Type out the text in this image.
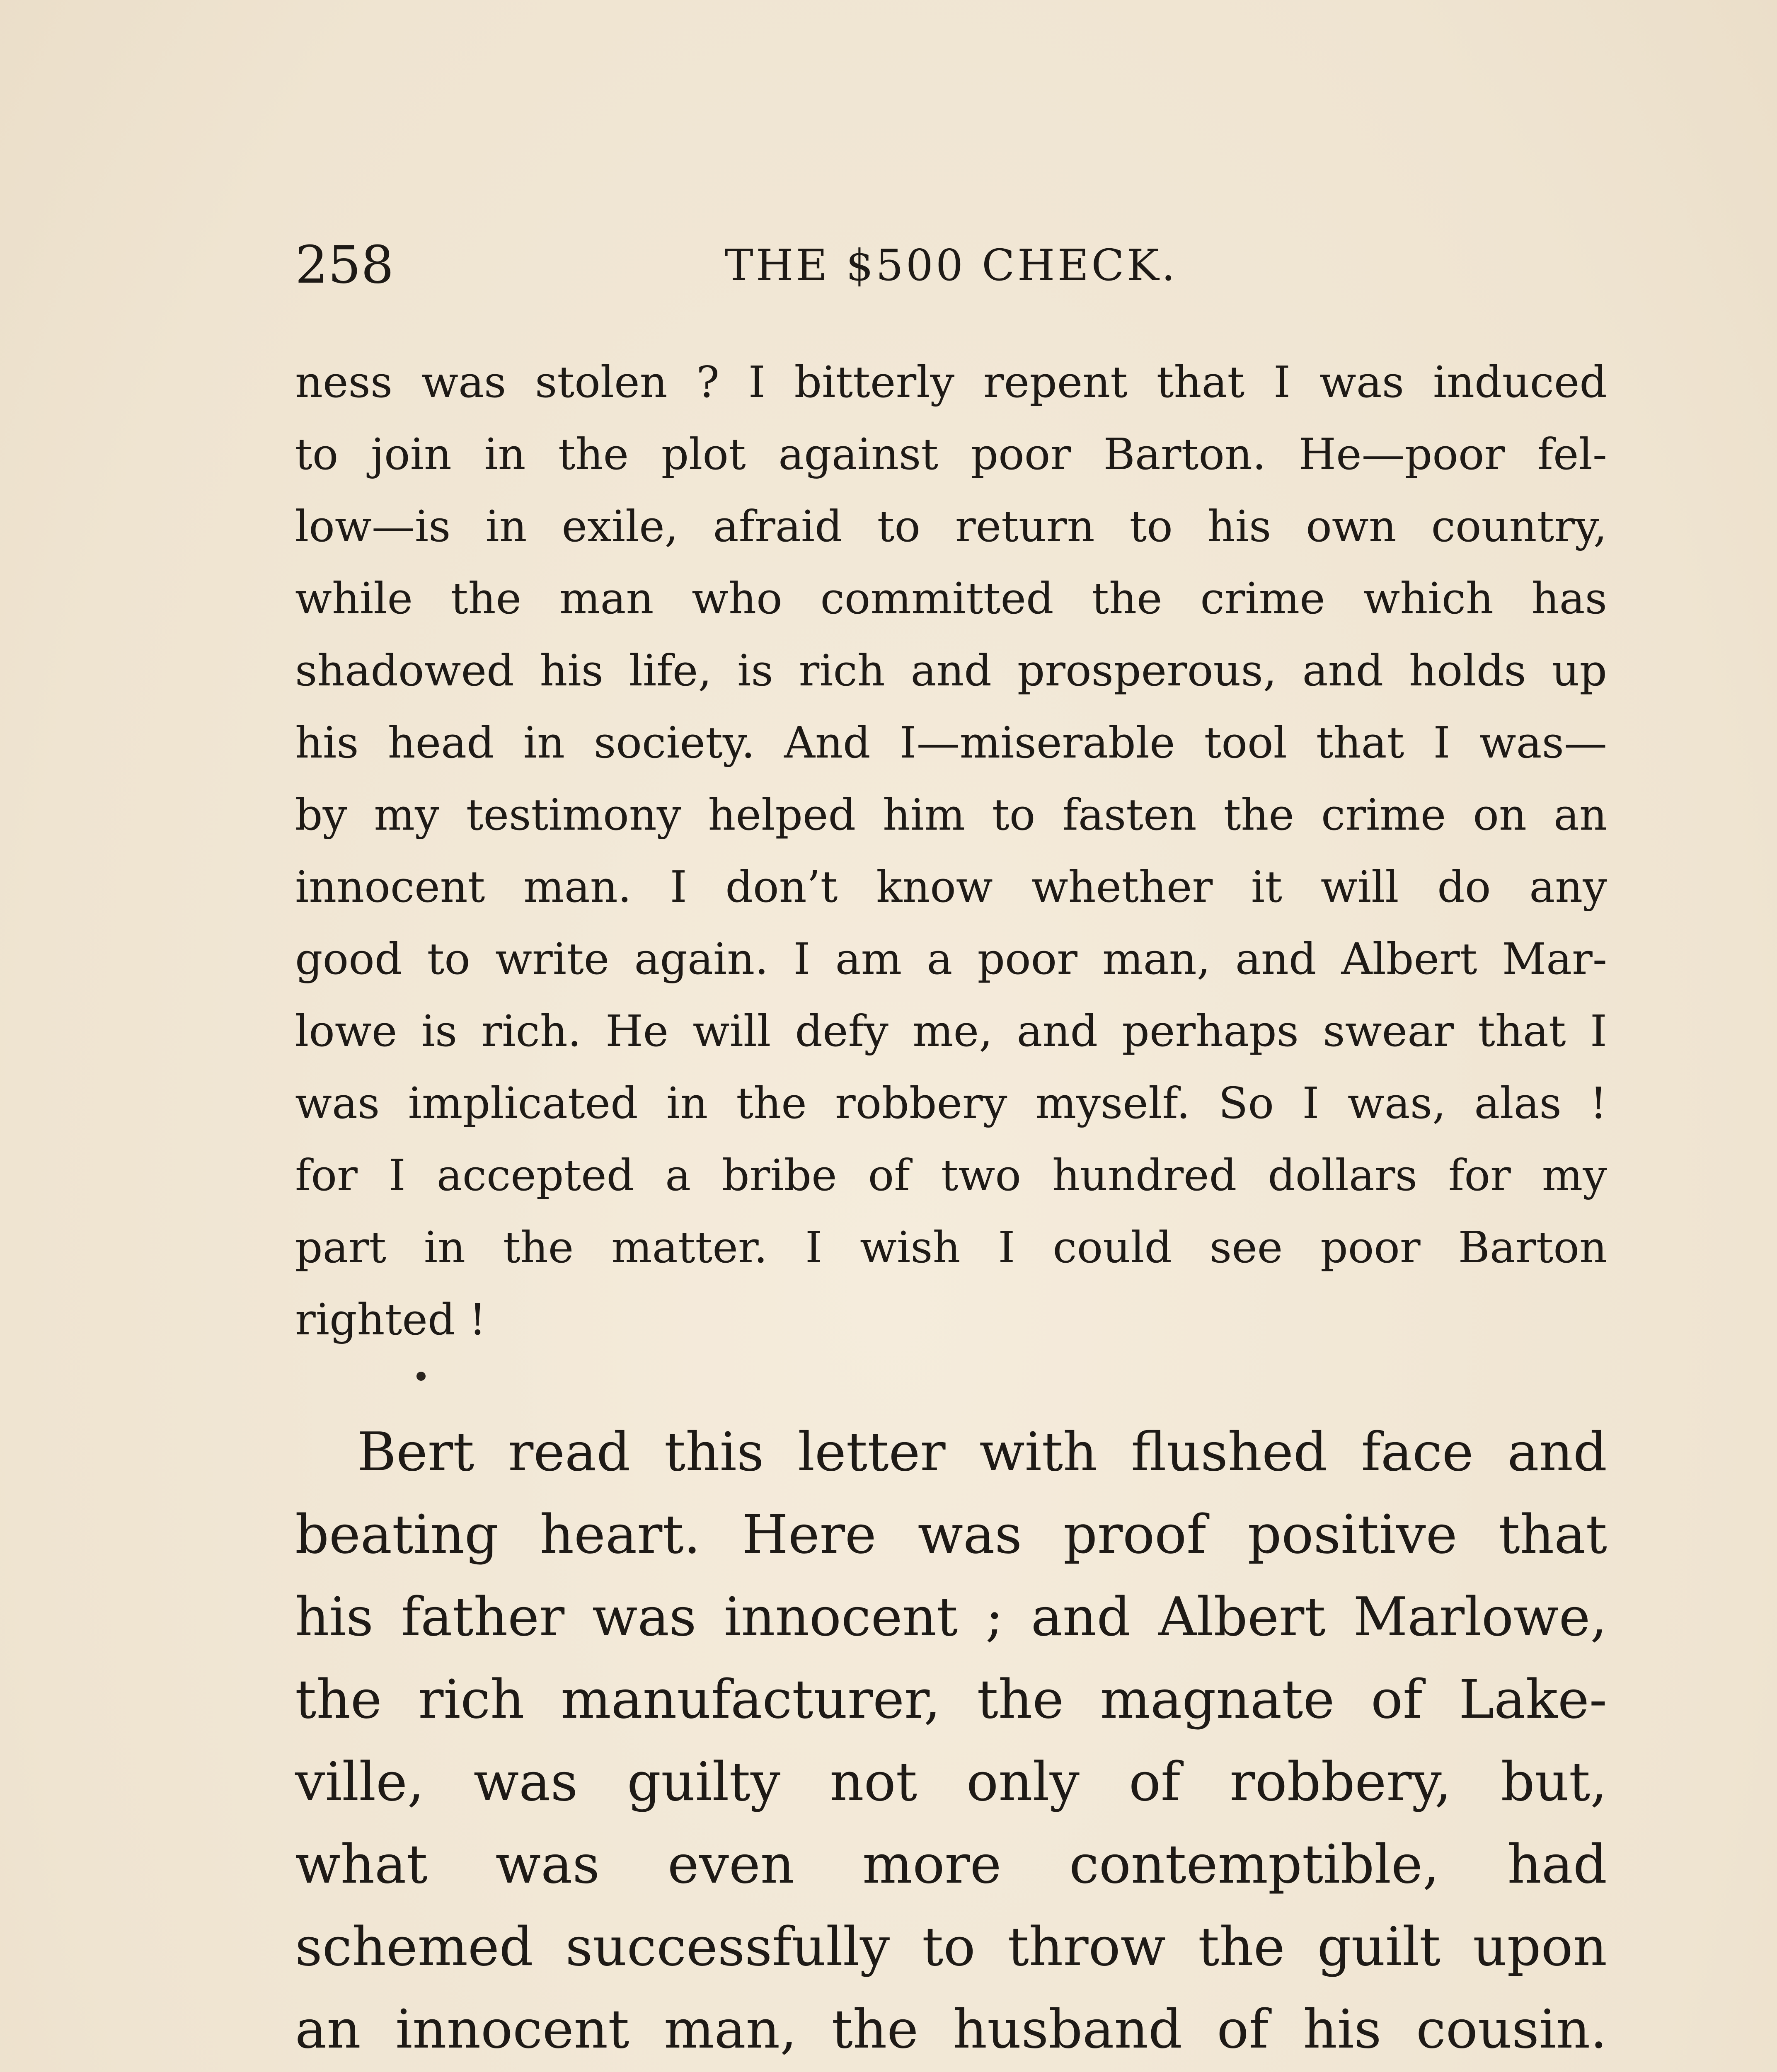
258	THE $500 CHECK.
ness was stolen ? I bitterly repent that I was induced
to join in the plot against poor Barton. He—poor fel-
low—is in exile, afraid to return to his own country,
while the man who committed the crime which has
shadowed his life, is rich and prosperous, and holds up
his head in society. And I—miserable tool that I was—
by my testimony helped him to fasten the crime on an
innocent man. I don’t know whether it will do any
good to write again. I am a poor man, and Albert Mar-
lowe is rich. He will defy me, and perhaps swear that I
was implicated in the robbery myself. So I was, alas !
for I accepted a bribe of two hundred dollars for my
part in the matter. I wish I could see poor Barton
righted !
Bert read this letter with flushed face and
beating heart. Here was proof positive that
his father was innocent ; and Albert Marlowe,
the rich manufacturer, the magnate of Lake-
ville, was guilty not only of robbery, but,
what was even more contemptible, had
schemed successfully to throw the guilt upon
an innocent man, the husband of his cousin.
